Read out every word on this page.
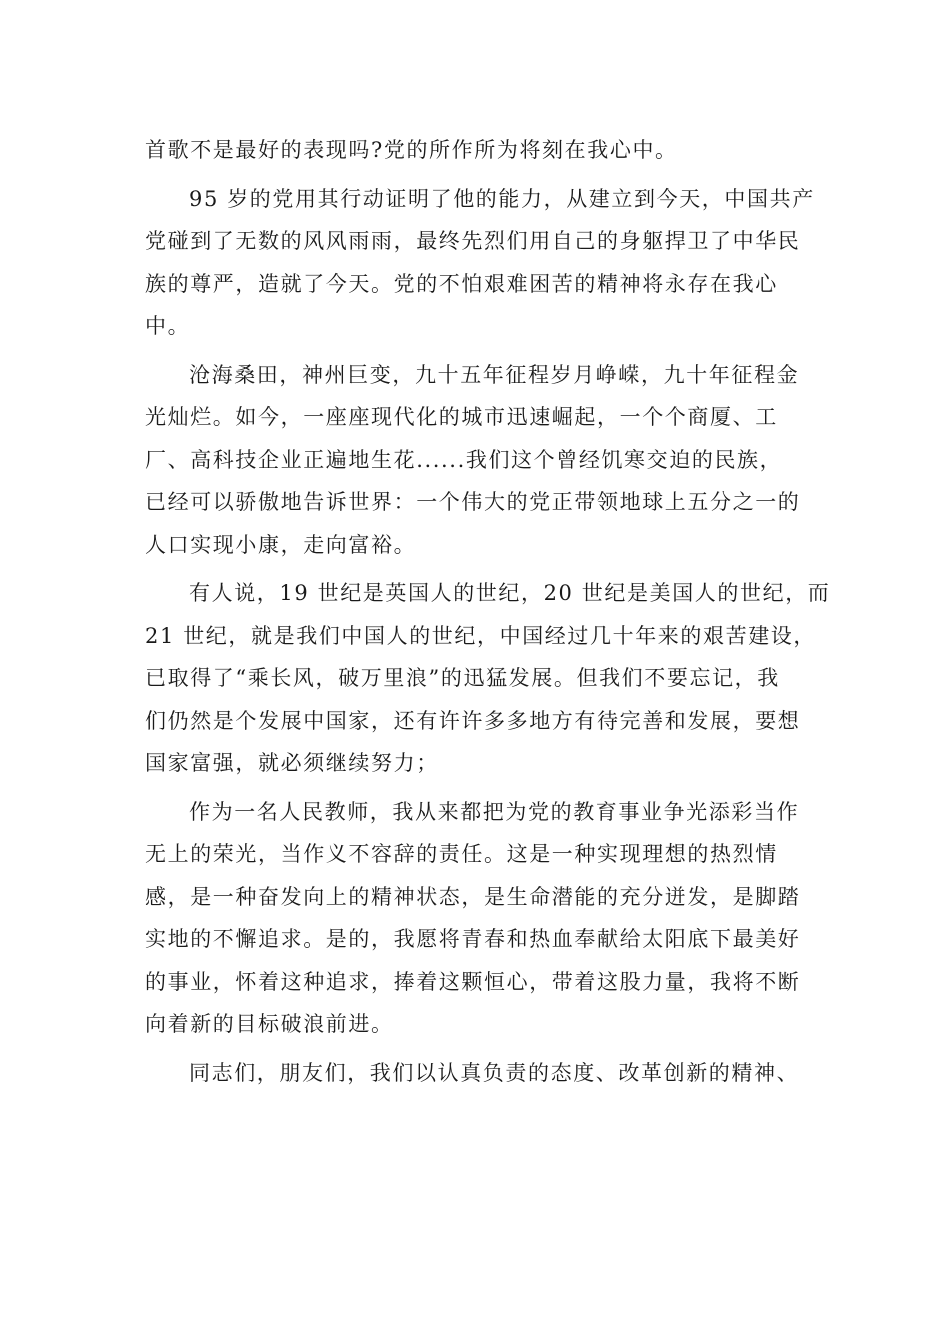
首歌不是最好的表现吗?党的所作所为将刻在我心中。
95 岁的党用其行动证明了他的能力，从建立到今天，中国共产
党碰到了无数的风风雨雨，最终先烈们用自己的身躯捍卫了中华民
族的尊严，造就了今天。党的不怕艰难困苦的精神将永存在我心
中。
沧海桑田，神州巨变，九十五年征程岁月峥嵘，九十年征程金
光灿烂。如今，一座座现代化的城市迅速崛起，一个个商厦、工
厂、高科技企业正遍地生花......我们这个曾经饥寒交迫的民族，
已经可以骄傲地告诉世界：一个伟大的党正带领地球上五分之一的
人口实现小康，走向富裕。
有人说，19 世纪是英国人的世纪，20 世纪是美国人的世纪，而
21 世纪，就是我们中国人的世纪，中国经过几十年来的艰苦建设，
已取得了“乘长风，破万里浪”的迅猛发展。但我们不要忘记，我
们仍然是个发展中国家，还有许许多多地方有待完善和发展，要想
国家富强，就必须继续努力；
作为一名人民教师，我从来都把为党的教育事业争光添彩当作
无上的荣光，当作义不容辞的责任。这是一种实现理想的热烈情
感，是一种奋发向上的精神状态，是生命潜能的充分迸发，是脚踏
实地的不懈追求。是的，我愿将青春和热血奉献给太阳底下最美好
的事业，怀着这种追求，捧着这颗恒心，带着这股力量，我将不断
向着新的目标破浪前进。
同志们，朋友们，我们以认真负责的态度、改革创新的精神、
